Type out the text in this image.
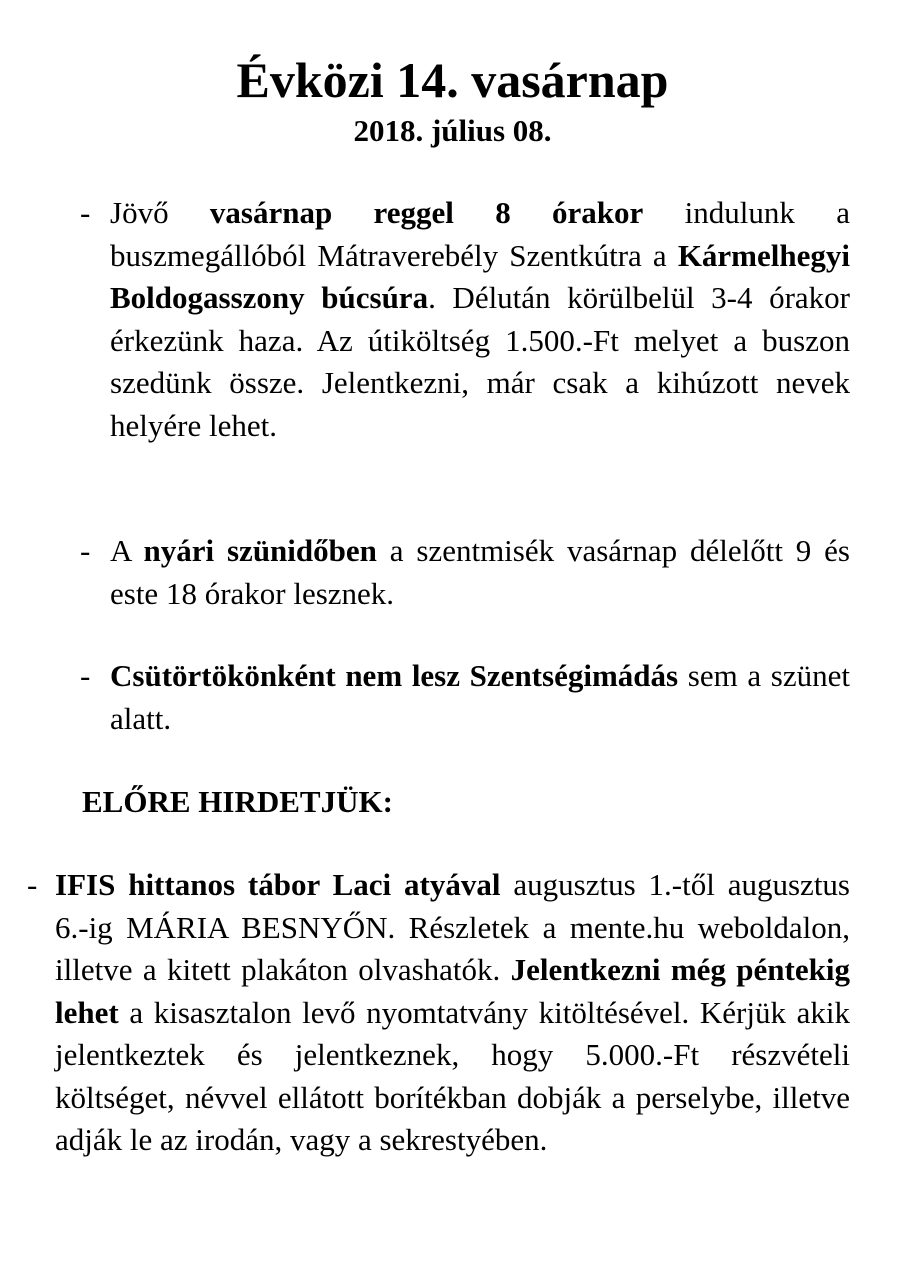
Évközi 14. vasárnap
2018. július 08.
- Jövő vasárnap reggel 8 órakor indulunk a buszmegállóból Mátraverebély Szentkútra a Kármelhegyi Boldogasszony búcsúra. Délután körülbelül 3-4 órakor érkezünk haza. Az útiköltség 1.500.-Ft melyet a buszon szedünk össze. Jelentkezni, már csak a kihúzott nevek helyére lehet.
- A nyári szünidőben a szentmisék vasárnap délelőtt 9 és este 18 órakor lesznek.
- Csütörtökönként nem lesz Szentségimádás sem a szünet alatt.
ELŐRE HIRDETJÜK:
- IFIS hittanos tábor Laci atyával augusztus 1.-től augusztus 6.-ig MÁRIA BESNYŐN. Részletek a mente.hu weboldalon, illetve a kitett plakáton olvashatók. Jelentkezni még péntekig lehet a kisasztalon levő nyomtatvány kitöltésével. Kérjük akik jelentkeztek és jelentkeznek, hogy 5.000.-Ft részvételi költséget, névvel ellátott borítékban dobják a perselybe, illetve adják le az irodán, vagy a sekrestyében.
